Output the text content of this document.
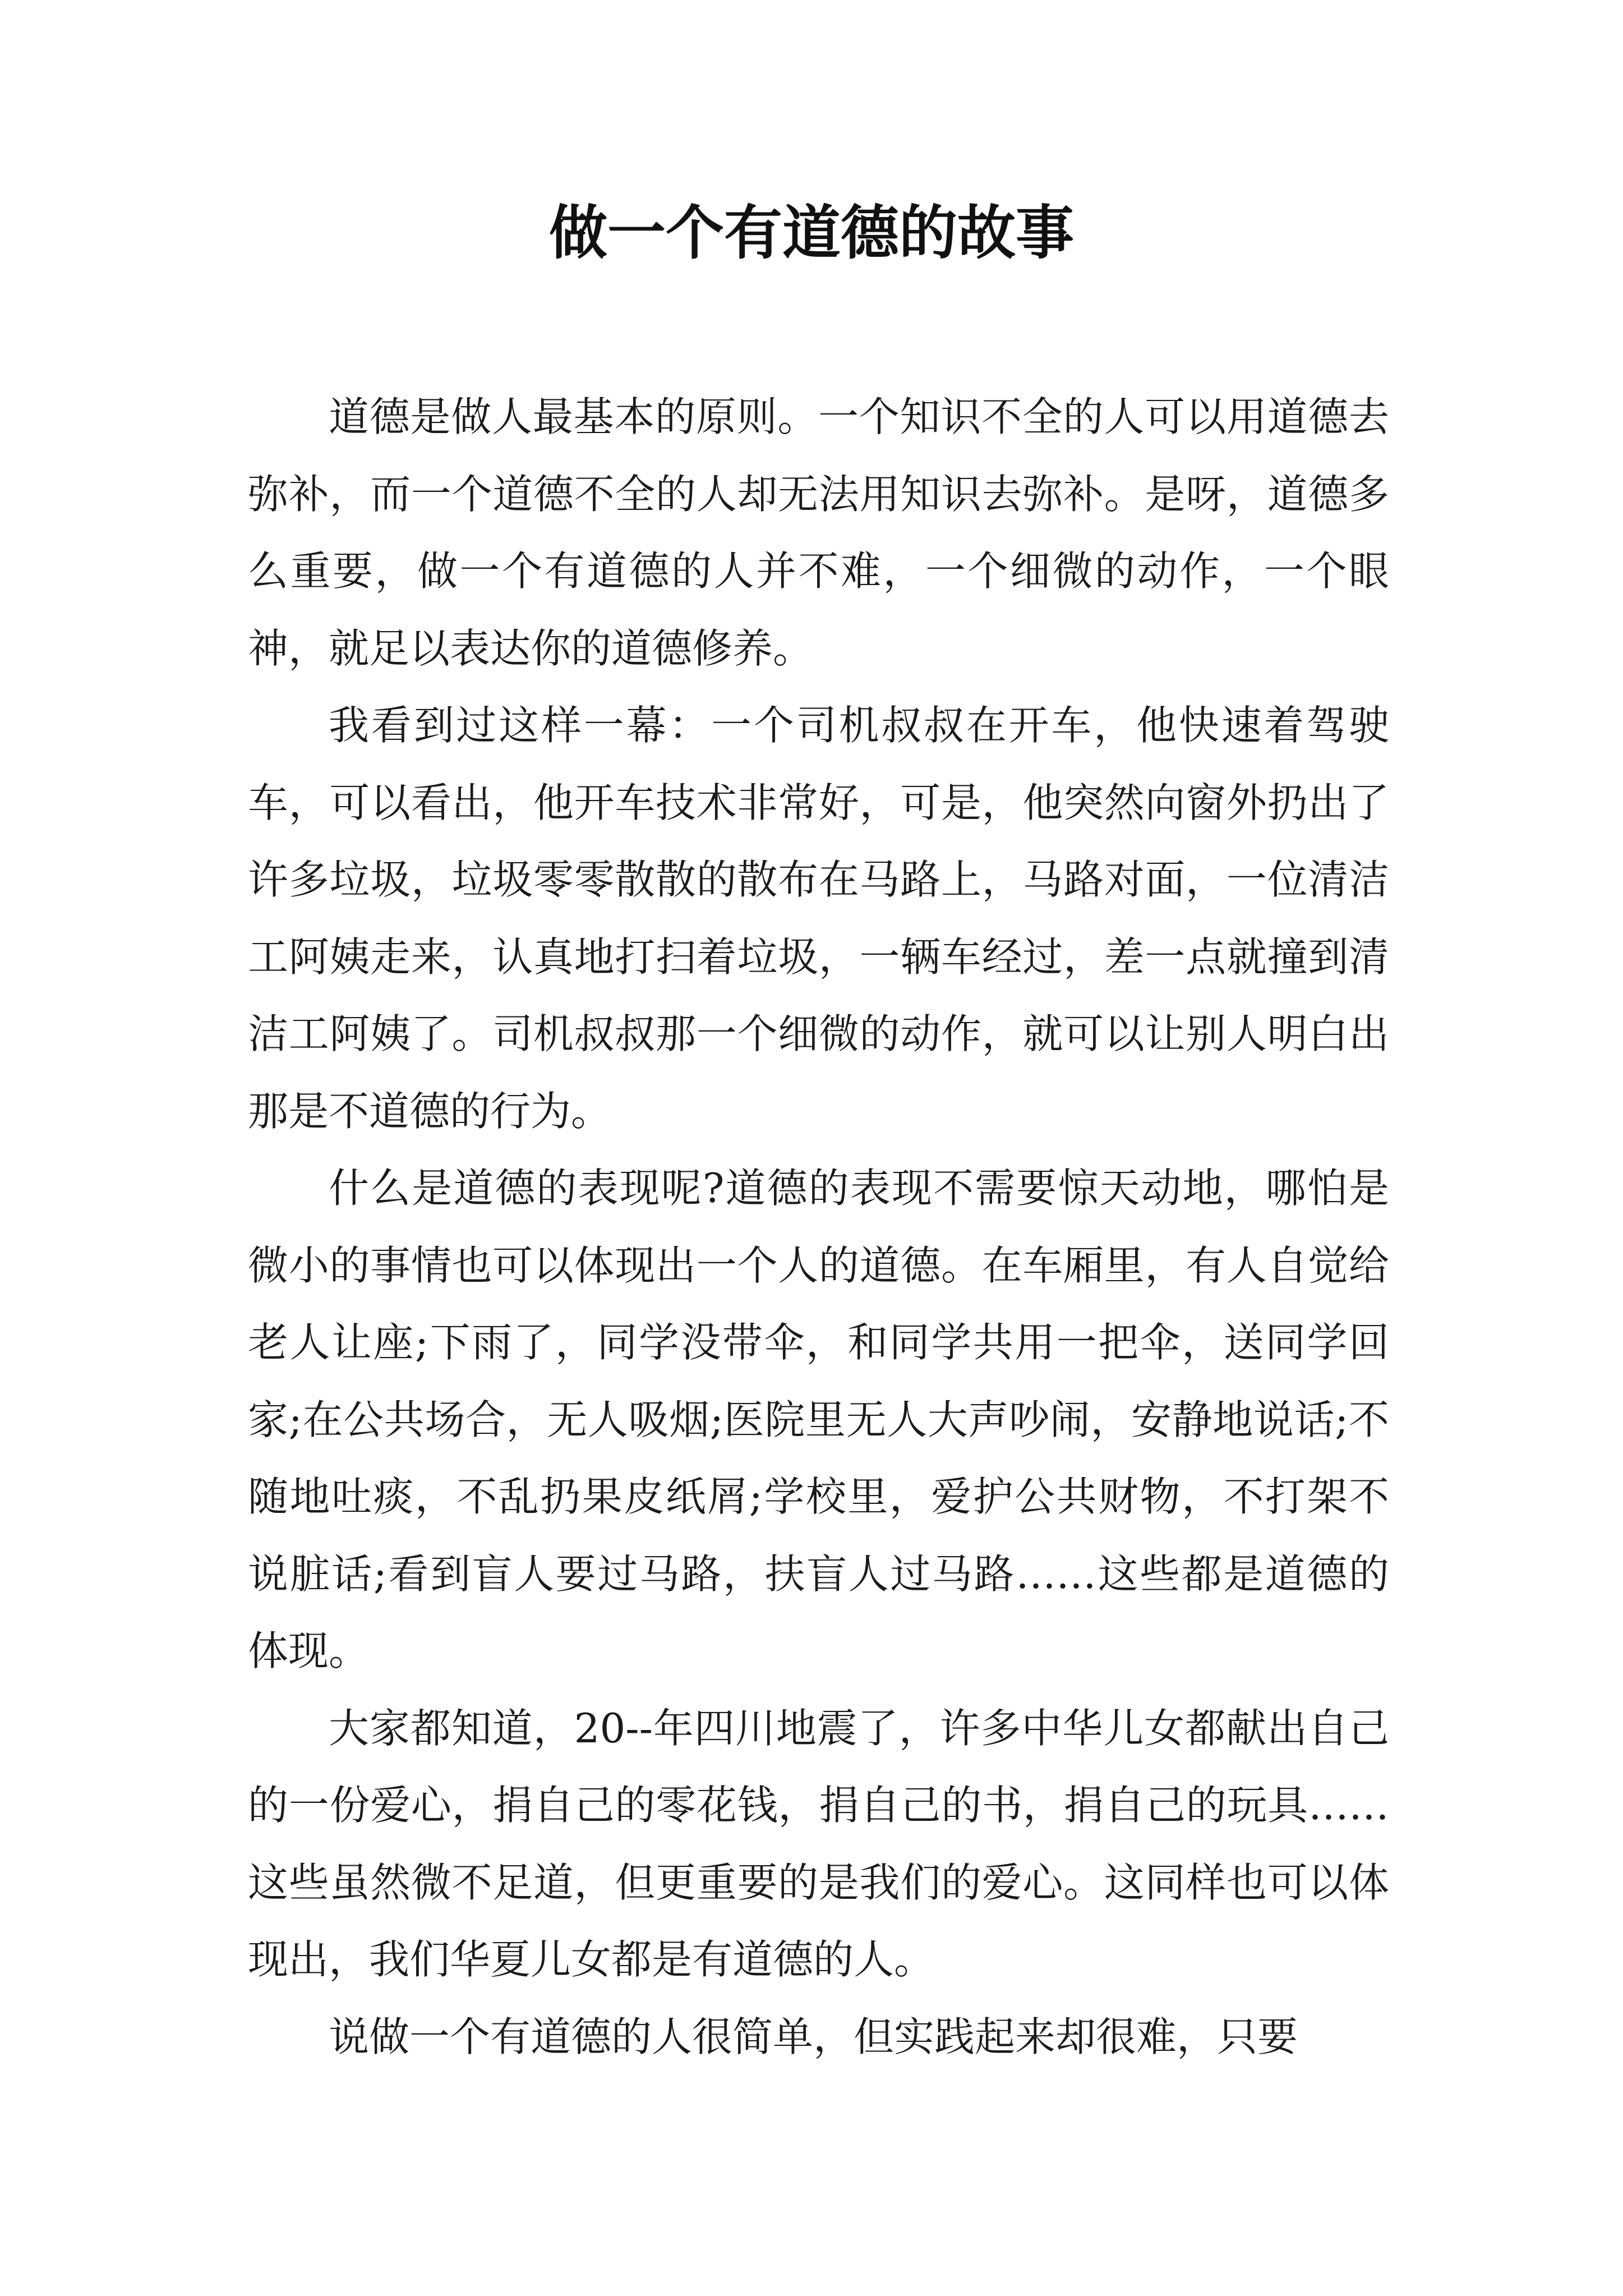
做一个有道德的故事

道德是做人最基本的原则。一个知识不全的人可以用道德去弥补，而一个道德不全的人却无法用知识去弥补。是呀，道德多么重要，做一个有道德的人并不难，一个细微的动作，一个眼神，就足以表达你的道德修养。

我看到过这样一幕：一个司机叔叔在开车，他快速着驾驶车，可以看出，他开车技术非常好，可是，他突然向窗外扔出了许多垃圾，垃圾零零散散的散布在马路上，马路对面，一位清洁工阿姨走来，认真地打扫着垃圾，一辆车经过，差一点就撞到清洁工阿姨了。司机叔叔那一个细微的动作，就可以让别人明白出那是不道德的行为。

什么是道德的表现呢?道德的表现不需要惊天动地，哪怕是微小的事情也可以体现出一个人的道德。在车厢里，有人自觉给老人让座;下雨了，同学没带伞，和同学共用一把伞，送同学回家;在公共场合，无人吸烟;医院里无人大声吵闹，安静地说话;不随地吐痰，不乱扔果皮纸屑;学校里，爱护公共财物，不打架不说脏话;看到盲人要过马路，扶盲人过马路……这些都是道德的体现。

大家都知道，20--年四川地震了，许多中华儿女都献出自己的一份爱心，捐自己的零花钱，捐自己的书，捐自己的玩具……这些虽然微不足道，但更重要的是我们的爱心。这同样也可以体现出，我们华夏儿女都是有道德的人。

说做一个有道德的人很简单，但实践起来却很难，只要
